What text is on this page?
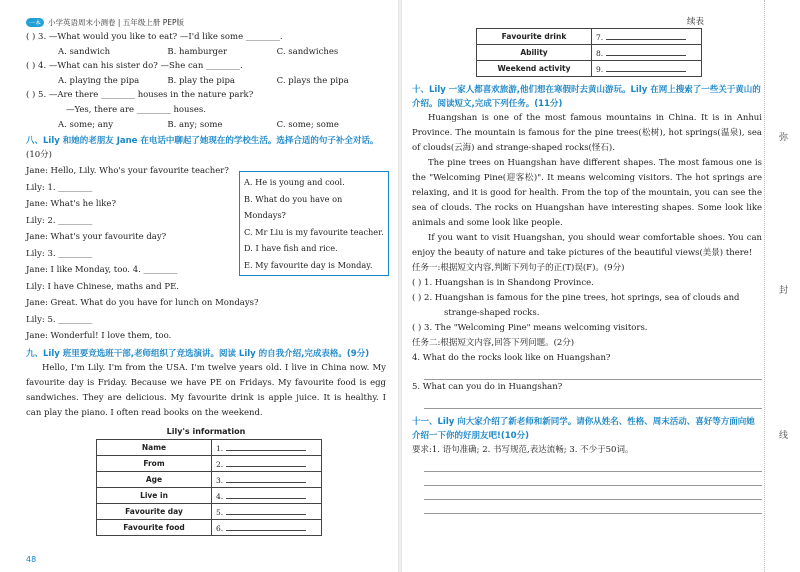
一本 小学英语周末小测卷 | 五年级上册 PEP版
( ) 3. —What would you like to eat? —I'd like some ________.
A. sandwich	B. hamburger	C. sandwiches
( ) 4. —What can his sister do? —She can ________.
A. playing the pipa	B. play the pipa	C. plays the pipa
( ) 5. —Are there ________ houses in the nature park?
—Yes, there are ________ houses.
A. some; any	B. any; some	C. some; some
八、Lily 和她的老朋友 Jane 在电话中聊起了她现在的学校生活。选择合适的句子补全对话。
(10分)
Jane: Hello, Lily. Who's your favourite teacher?
Lily: 1. ________
Jane: What's he like?
Lily: 2. ________
Jane: What's your favourite day?
Lily: 3. ________
Jane: I like Monday, too. 4. ________
Lily: I have Chinese, maths and PE.
Jane: Great. What do you have for lunch on Mondays?
Lily: 5. ________
Jane: Wonderful! I love them, too.
A. He is young and cool.
B. What do you have on Mondays?
C. Mr Liu is my favourite teacher.
D. I have fish and rice.
E. My favourite day is Monday.
九、Lily 班里要竞选班干部,老师组织了竞选演讲。阅读 Lily 的自我介绍,完成表格。(9分)
Hello, I'm Lily. I'm from the USA. I'm twelve years old. I live in China now. My favourite day is Friday. Because we have PE on Fridays. My favourite food is egg sandwiches. They are delicious. My favourite drink is apple juice. It is healthy. I can play the piano. I often read books on the weekend.
Lily's information
Name	1.
From	2.
Age	3.
Live in	4.
Favourite day	5.
Favourite food	6.
48
续表
Favourite drink	7.
Ability	8.
Weekend activity	9.
十、Lily 一家人都喜欢旅游,他们想在寒假时去黄山游玩。Lily 在网上搜索了一些关于黄山的介绍。阅读短文,完成下列任务。(11分)
Huangshan is one of the most famous mountains in China. It is in Anhui Province. The mountain is famous for the pine trees(松树), hot springs(温泉), sea of clouds(云海) and strange-shaped rocks(怪石).
The pine trees on Huangshan have different shapes. The most famous one is the "Welcoming Pine(迎客松)". It means welcoming visitors. The hot springs are relaxing, and it is good for health. From the top of the mountain, you can see the sea of clouds. The rocks on Huangshan have interesting shapes. Some look like animals and some look like people.
If you want to visit Huangshan, you should wear comfortable shoes. You can enjoy the beauty of nature and take pictures of the beautiful views(美景) there!
任务一:根据短文内容,判断下列句子的正(T)误(F)。(9分)
( ) 1. Huangshan is in Shandong Province.
( ) 2. Huangshan is famous for the pine trees, hot springs, sea of clouds and
strange-shaped rocks.
( ) 3. The "Welcoming Pine" means welcoming visitors.
任务二:根据短文内容,回答下列问题。(2分)
4. What do the rocks look like on Huangshan?
5. What can you do in Huangshan?
十一、Lily 向大家介绍了新老师和新同学。请你从姓名、性格、周末活动、喜好等方面向她介绍一下你的好朋友吧!(10分)
要求:1. 语句准确; 2. 书写规范,表达流畅; 3. 不少于50词。
弥
封
线
